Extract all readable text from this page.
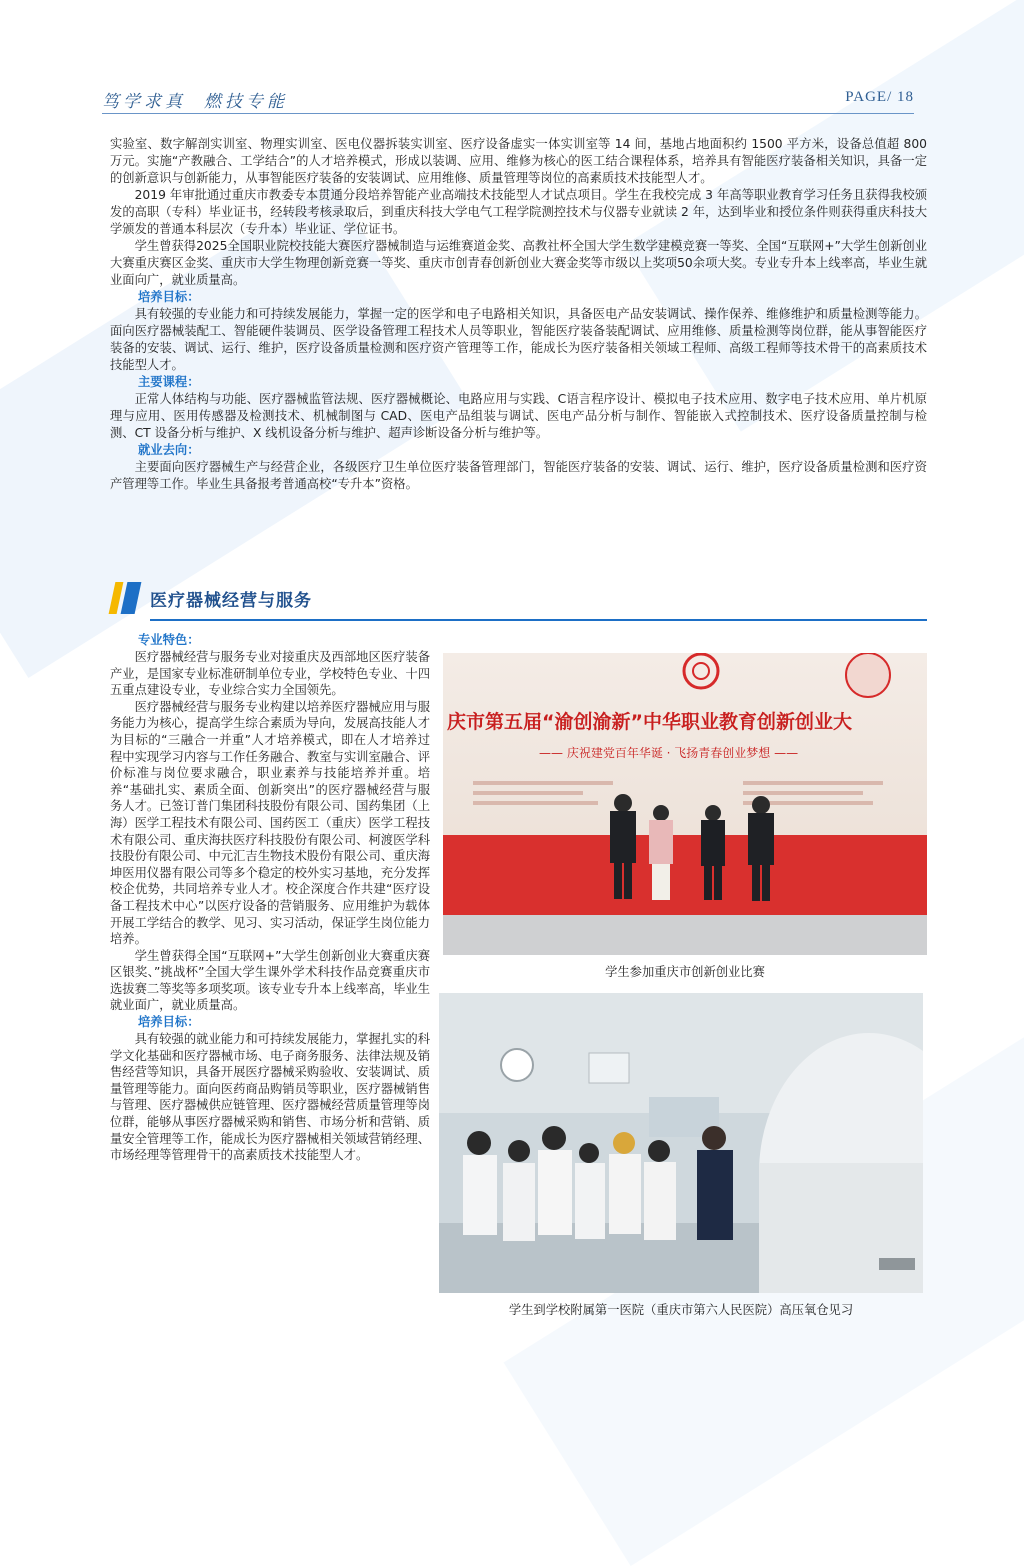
笃学求真 燃技专能	PAGE/ 18

实验室、数字解剖实训室、物理实训室、医电仪器拆装实训室、医疗设备虚实一体实训室等 14 间，基地占地面积约 1500 平方米，设备总值超 800 万元。实施“产教融合、工学结合”的人才培养模式，形成以装调、应用、维修为核心的医工结合课程体系，培养具有智能医疗装备相关知识，具备一定的创新意识与创新能力，从事智能医疗装备的安装调试、应用维修、质量管理等岗位的高素质技术技能型人才。

2019 年审批通过重庆市教委专本贯通分段培养智能产业高端技术技能型人才试点项目。学生在我校完成 3 年高等职业教育学习任务且获得我校颁发的高职（专科）毕业证书，经转段考核录取后，到重庆科技大学电气工程学院测控技术与仪器专业就读 2 年，达到毕业和授位条件则获得重庆科技大学颁发的普通本科层次（专升本）毕业证、学位证书。

学生曾获得2025全国职业院校技能大赛医疗器械制造与运维赛道金奖、高教社杯全国大学生数学建模竞赛一等奖、全国“互联网+”大学生创新创业大赛重庆赛区金奖、重庆市大学生物理创新竞赛一等奖、重庆市创青春创新创业大赛金奖等市级以上奖项50余项大奖。专业专升本上线率高，毕业生就业面向广，就业质量高。

培养目标：

具有较强的专业能力和可持续发展能力，掌握一定的医学和电子电路相关知识，具备医电产品安装调试、操作保养、维修维护和质量检测等能力。面向医疗器械装配工、智能硬件装调员、医学设备管理工程技术人员等职业，智能医疗装备装配调试、应用维修、质量检测等岗位群，能从事智能医疗装备的安装、调试、运行、维护，医疗设备质量检测和医疗资产管理等工作，能成长为医疗装备相关领域工程师、高级工程师等技术骨干的高素质技术技能型人才。

主要课程：

正常人体结构与功能、医疗器械监管法规、医疗器械概论、电路应用与实践、C语言程序设计、模拟电子技术应用、数字电子技术应用、单片机原理与应用、医用传感器及检测技术、机械制图与 CAD、医电产品组装与调试、医电产品分析与制作、智能嵌入式控制技术、医疗设备质量控制与检测、CT 设备分析与维护、X 线机设备分析与维护、超声诊断设备分析与维护等。

就业去向：

主要面向医疗器械生产与经营企业，各级医疗卫生单位医疗装备管理部门，智能医疗装备的安装、调试、运行、维护，医疗设备质量检测和医疗资产管理等工作。毕业生具备报考普通高校“专升本”资格。

医疗器械经营与服务
专业特色：

医疗器械经营与服务专业对接重庆及西部地区医疗装备产业，是国家专业标准研制单位专业，学校特色专业、十四五重点建设专业，专业综合实力全国领先。

医疗器械经营与服务专业构建以培养医疗器械应用与服务能力为核心，提高学生综合素质为导向，发展高技能人才为目标的“三融合一并重”人才培养模式，即在人才培养过程中实现学习内容与工作任务融合、教室与实训室融合、评价标准与岗位要求融合，职业素养与技能培养并重。培养“基础扎实、素质全面、创新突出”的医疗器械经营与服务人才。已签订普门集团科技股份有限公司、国药集团（上海）医学工程技术有限公司、国药医工（重庆）医学工程技术有限公司、重庆海扶医疗科技股份有限公司、柯渡医学科技股份有限公司、中元汇吉生物技术股份有限公司、重庆海坤医用仪器有限公司等多个稳定的校外实习基地，充分发挥校企优势，共同培养专业人才。校企深度合作共建“医疗设备工程技术中心”以医疗设备的营销服务、应用维护为载体开展工学结合的教学、见习、实习活动，保证学生岗位能力培养。

学生曾获得全国“互联网+”大学生创新创业大赛重庆赛区银奖、”挑战杯”全国大学生课外学术科技作品竞赛重庆市选拔赛二等奖等多项奖项。该专业专升本上线率高，毕业生就业面广，就业质量高。

培养目标：

具有较强的就业能力和可持续发展能力，掌握扎实的科学文化基础和医疗器械市场、电子商务服务、法律法规及销售经营等知识，具备开展医疗器械采购验收、安装调试、质量管理等能力。面向医药商品购销员等职业，医疗器械销售与管理、医疗器械供应链管理、医疗器械经营质量管理等岗位群，能够从事医疗器械采购和销售、市场分析和营销、质量安全管理等工作，能成长为医疗器械相关领域营销经理、市场经理等管理骨干的高素质技术技能型人才。

庆市第五届“渝创渝新”中华职业教育创新创业大
—— 庆祝建党百年华诞 · 飞扬青春创业梦想 ——
学生参加重庆市创新创业比赛
学生到学校附属第一医院（重庆市第六人民医院）高压氧仓见习
